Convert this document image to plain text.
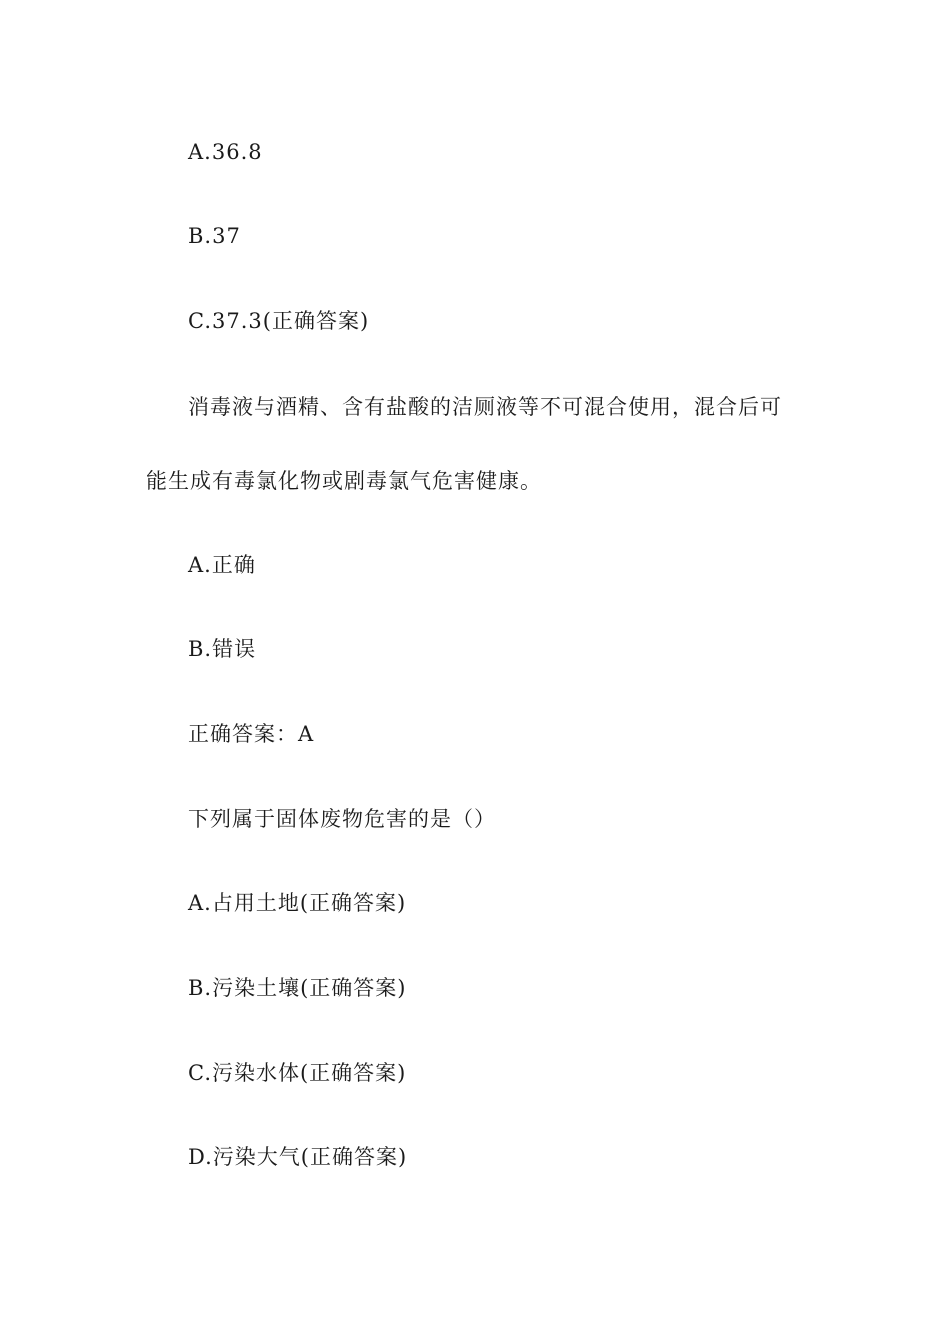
A.36.8
B.37
C.37.3(正确答案)
消毒液与酒精、含有盐酸的洁厕液等不可混合使用，混合后可
能生成有毒氯化物或剧毒氯气危害健康。
A.正确
B.错误
正确答案：A
下列属于固体废物危害的是（）
A.占用土地(正确答案)
B.污染土壤(正确答案)
C.污染水体(正确答案)
D.污染大气(正确答案)
